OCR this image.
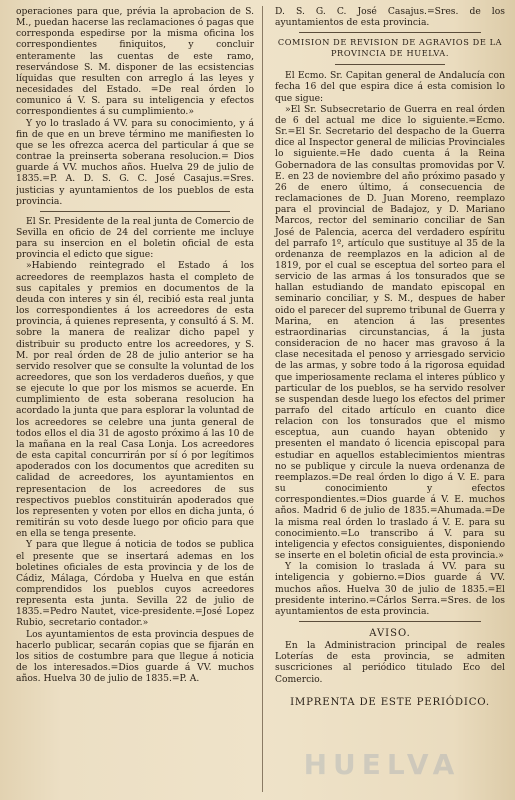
operaciones para que, prévia la aprobacion de S. M., puedan hacerse las reclamaciones ó pagas que corresponda espedirse por la misma oficina los correspondientes finiquitos, y concluir enteramente las cuentas de este ramo, reservándose S. M. disponer de las ecsistencias líquidas que resulten con arreglo á las leyes y necesidades del Estado. =De real órden lo comunico á V. S. para su inteligencia y efectos correspondientes á su cumplimiento.»

Y yo lo traslado á VV. para su conocimiento, y á fin de que en un breve término me manifiesten lo que se les ofrezca acerca del particular á que se contrae la preinserta soberana resolucion.= Dios guarde á VV. muchos años. Huelva 29 de julio de 1835.=P. A. D. S. G. C. José Casajus.=Sres. justicias y ayuntamientos de los pueblos de esta provincia.

El Sr. Presidente de la real junta de Comercio de Sevilla en oficio de 24 del corriente me incluye para su insercion en el boletin oficial de esta provincia el edicto que sigue:

»Habiendo reintegrado el Estado á los acreedores de reemplazos hasta el completo de sus capitales y premios en documentos de la deuda con interes y sin él, recibió esta real junta los correspondientes á los acreedores de esta provincia, á quienes representa, y consultó á S. M. sobre la manera de realizar dicho papel y distribuir su producto entre los acreedores, y S. M. por real órden de 28 de julio anterior se ha servido resolver que se consulte la voluntad de los acreedores, que son los verdaderos dueños, y que se ejecute lo que por los mismos se acuerde. En cumplimiento de esta soberana resolucion ha acordado la junta que para esplorar la voluntad de los acreedores se celebre una junta general de todos ellos el dia 31 de agosto próximo á las 10 de la mañana en la real Casa Lonja. Los acreedores de esta capital concurrirán por sí ó por legítimos apoderados con los documentos que acrediten su calidad de acreedores, los ayuntamientos en representacion de los acreedores de sus respectivos pueblos constituirán apoderados que los representen y voten por ellos en dicha junta, ó remitirán su voto desde luego por oficio para que en ella se tenga presente.

Y para que llegue á noticia de todos se publica el presente que se insertará ademas en los boletines oficiales de esta provincia y de los de Cádiz, Málaga, Córdoba y Huelva en que están comprendidos los pueblos cuyos acreedores representa esta junta. Sevilla 22 de julio de 1835.=Pedro Nautet, vice-presidente.=José Lopez Rubio, secretario contador.»

Los ayuntamientos de esta provincia despues de hacerlo publicar, secarán copias que se fijarán en los sitios de costumbre para que llegue á noticia de los interesados.=Dios guarde á VV. muchos años. Huelva 30 de julio de 1835.=P. A.

D. S. G. C. José Casajus.=Sres. de los ayuntamientos de esta provincia.

COMISION DE REVISION DE AGRAVIOS DE LA PROVINCIA DE HUELVA.

El Ecmo. Sr. Capitan general de Andalucía con fecha 16 del que espira dice á esta comision lo que sigue:

»El Sr. Subsecretario de Guerra en real órden de 6 del actual me dice lo siguiente.=Ecmo. Sr.=El Sr. Secretario del despacho de la Guerra dice al Inspector general de milicias Provinciales lo siguiente.=He dado cuenta á la Reina Gobernadora de las consultas promovidas por V. E. en 23 de noviembre del año próximo pasado y 26 de enero último, á consecuencia de reclamaciones de D. Juan Moreno, reemplazo para el provincial de Badajoz, y D. Mariano Marcos, rector del seminario conciliar de San José de Palencia, acerca del verdadero espíritu del parrafo 1º, artículo que sustituye al 35 de la ordenanza de reemplazos en la adicion al de 1819, por el cual se esceptua del sorteo para el servicio de las armas á los tonsurados que se hallan estudiando de mandato episcopal en seminario conciliar, y S. M., despues de haber oido el parecer del supremo tribunal de Guerra y Marina, en atencion á las presentes estraordinarias circunstancias, á la justa consideracion de no hacer mas gravoso á la clase necesitada el penoso y arriesgado servicio de las armas, y sobre todo á la rigorosa equidad que imperiosamente reclama el interes público y particular de los pueblos, se ha servido resolver se suspendan desde luego los efectos del primer parrafo del citado artículo en cuanto dice relacion con los tonsurados que el mismo esceptua, aun cuando hayan obtenido y presenten el mandato ó licencia episcopal para estudiar en aquellos establecimientos mientras no se publique y circule la nueva ordenanza de reemplazos.=De real órden lo digo á V. E. para su conocimiento y efectos correspondientes.=Dios guarde á V. E. muchos años. Madrid 6 de julio de 1835.=Ahumada.=De la misma real órden lo traslado á V. E. para su conocimiento.=Lo transcribo á V. para su inteligencia y efectos consiguientes, disponiendo se inserte en el boletin oficial de esta provincia.»

Y la comision lo traslada á VV. para su inteligencia y gobierno.=Dios guarde á VV. muchos años. Huelva 30 de julio de 1835.=El presidente interino.=Cárlos Serra.=Sres. de los ayuntamientos de esta provincia.

AVISO.

En la Administracion principal de reales Loterías de esta provincia, se admiten suscriciones al periódico titulado Eco del Comercio.

IMPRENTA DE ESTE PERIÓDICO.

HUELVA
